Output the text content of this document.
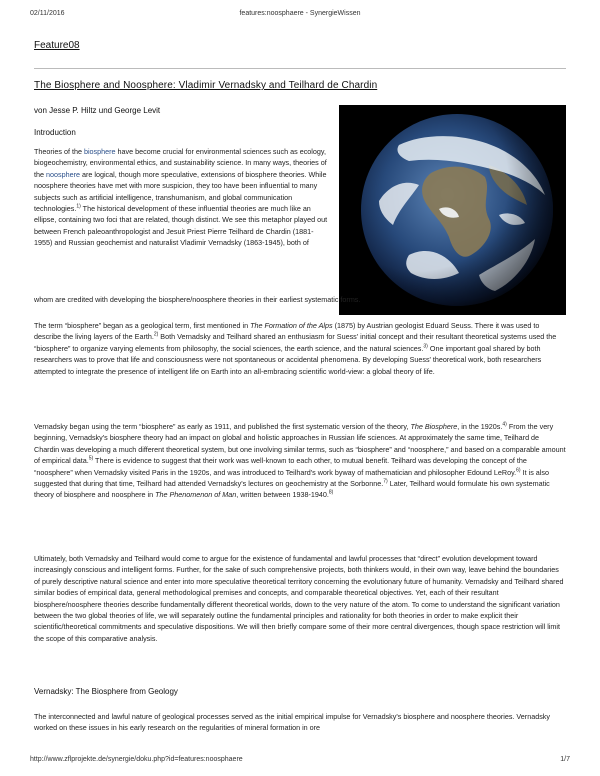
02/11/2016	features:noosphaere - SynergieWissen
Feature08
The Biosphere and Noosphere: Vladimir Vernadsky and Teilhard de Chardin
von Jesse P. Hiltz und George Levit
Introduction
Theories of the biosphere have become crucial for environmental sciences such as ecology, biogeochemistry, environmental ethics, and sustainability science. In many ways, theories of the noosphere are logical, though more speculative, extensions of biosphere theories. While noosphere theories have met with more suspicion, they too have been influential to many subjects such as artificial intelligence, transhumanism, and global communication technologies.$^{1)}$ The historical development of these influential theories are much like an ellipse, containing two foci that are related, though distinct. We see this metaphor played out between French paleoanthropologist and Jesuit Priest Pierre Teilhard de Chardin (1881-1955) and Russian geochemist and naturalist Vladimir Vernadsky (1863-1945), both of
whom are credited with developing the biosphere/noosphere theories in their earliest systematic forms.
The term “biosphere” began as a geological term, first mentioned in The Formation of the Alps (1875) by Austrian geologist Eduard Seuss. There it was used to describe the living layers of the Earth.$^{2)}$ Both Vernadsky and Teilhard shared an enthusiasm for Suess' initial concept and their resultant theoretical systems used the “biosphere” to organize varying elements from philosophy, the social sciences, the earth science, and the natural sciences.$^{3)}$ One important goal shared by both researchers was to prove that life and consciousness were not spontaneous or accidental phenomena. By developing Suess' theoretical work, both researchers attempted to integrate the presence of intelligent life on Earth into an all-embracing scientific world-view: a global theory of life.
Vernadsky began using the term “biosphere” as early as 1911, and published the first systematic version of the theory, The Biosphere, in the 1920s.$^{4)}$ From the very beginning, Vernadsky's biosphere theory had an impact on global and holistic approaches in Russian life sciences. At approximately the same time, Teilhard de Chardin was developing a much different theoretical system, but one involving similar terms, such as “biosphere” and “noosphere,” and based on a comparable amount of empirical data.$^{5)}$ There is evidence to suggest that their work was well-known to each other, to mutual benefit. Teilhard was developing the concept of the “noosphere” when Vernadsky visited Paris in the 1920s, and was introduced to Teilhard's work byway of mathematician and philosopher Edound LeRoy.$^{6)}$ It is also suggested that during that time, Teilhard had attended Vernadsky's lectures on geochemistry at the Sorbonne.$^{7)}$ Later, Teilhard would formulate his own systematic theory of biosphere and noosphere in The Phenomenon of Man, written between 1938-1940.$^{8)}$
Ultimately, both Vernadsky and Teilhard would come to argue for the existence of fundamental and lawful processes that “direct” evolution development toward increasingly conscious and intelligent forms. Further, for the sake of such comprehensive projects, both thinkers would, in their own way, leave behind the boundaries of purely descriptive natural science and enter into more speculative theoretical territory concerning the evolutionary future of humanity. Vernadsky and Teilhard shared similar bodies of empirical data, general methodological premises and concepts, and comparable theoretical objectives. Yet, each of their resultant biosphere/noosphere theories describe fundamentally different theoretical worlds, down to the very nature of the atom. To come to understand the significant variation between the two global theories of life, we will separately outline the fundamental principles and rationality for both theories in order to make explicit their scientific/theoretical commitments and speculative dispositions. We will then briefly compare some of their more central divergences, though space restriction will limit the scope of this comparative analysis.
Vernadsky: The Biosphere from Geology
The interconnected and lawful nature of geological processes served as the initial empirical impulse for Vernadsky's biosphere and noosphere theories. Vernadsky worked on these issues in his early research on the regularities of mineral formation in ore
http://www.zflprojekte.de/synergie/doku.php?id=features:noosphaere	1/7
